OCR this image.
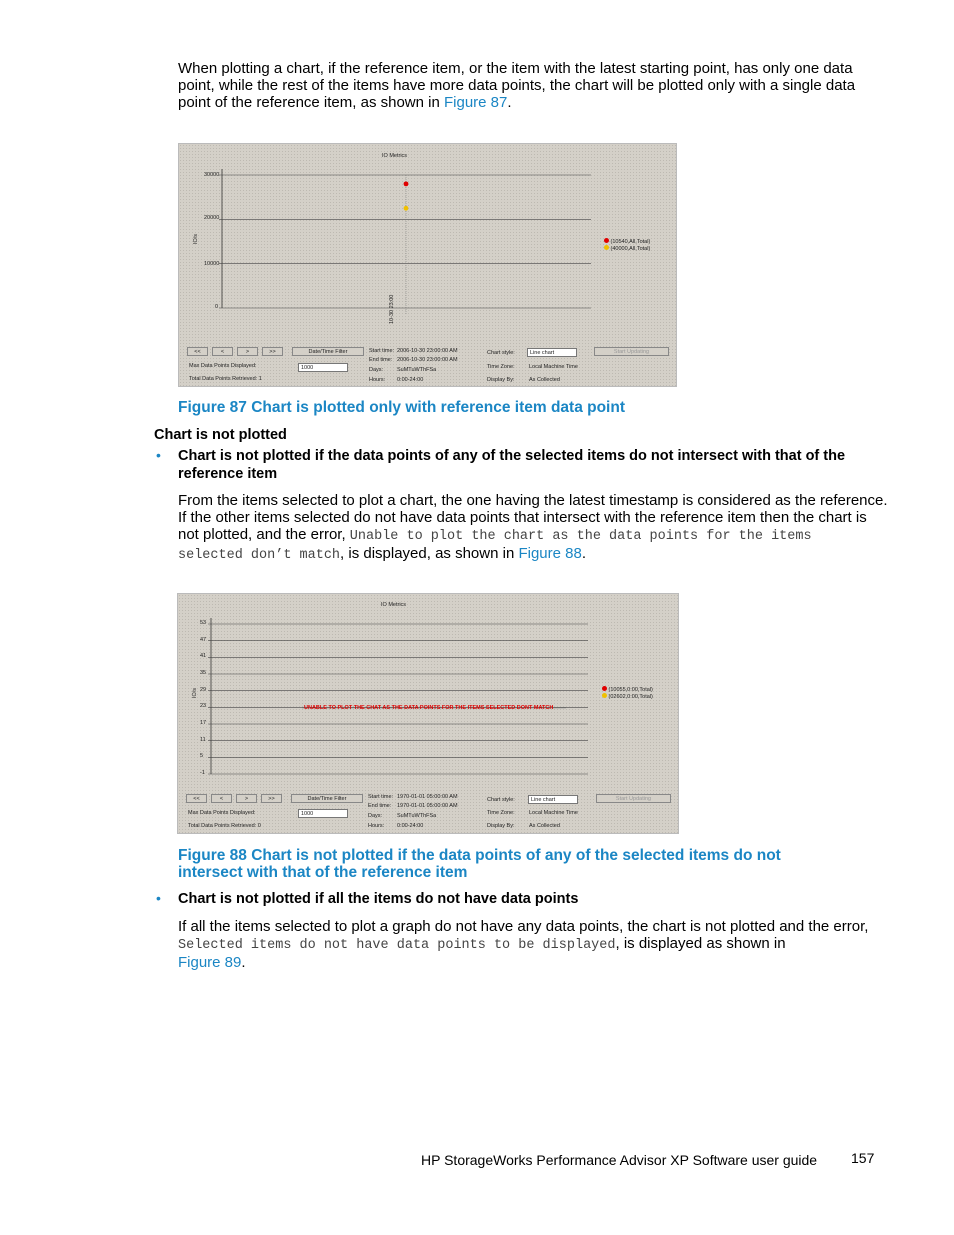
When plotting a chart, if the reference item, or the item with the latest starting point, has only one data
point, while the rest of the items have more data points, the chart will be plotted only with a single data
point of the reference item, as shown in Figure 87.
IO Metrics
IO/s
30000
20000
10000
0	10-30 23:00
(10540,All,Total)
(40000,All,Total)
<<	<	>	>>	Date/Time Filter
Max Data Points Displayed:	1000
Total Data Points Retrieved: 1
Start time: 2006-10-30 23:00:00 AM
End time: 2006-10-30 23:00:00 AM
Days:	SuMTuWThFSa
Hours: 0:00-24:00
Chart style:	Line chart
Time Zone:	Local Machine Time
Display By:	As Collected
Start Updating
Figure 87 Chart is plotted only with reference item data point
Chart is not plotted
• Chart is not plotted if the data points of any of the selected items do not intersect with that of the
reference item
From the items selected to plot a chart, the one having the latest timestamp is considered as the reference.
If the other items selected do not have data points that intersect with the reference item then the chart is
not plotted, and the error, Unable to plot the chart as the data points for the items
selected don’t match, is displayed, as shown in Figure 88.
IO Metrics
IO/s
-1
5
11
17
23
29
35
41
47
53
UNABLE TO PLOT THE CHAT AS THE DATA POINTS FOR THE ITEMS SELECTED DONT MATCH
(10055,0:00,Total)
(02602,0:00,Total)
<<	<	>	>>	Date/Time Filter
Max Data Points Displayed:	1000
Total Data Points Retrieved: 0
Start time: 1970-01-01 05:00:00 AM
End time: 1970-01-01 05:00:00 AM
Days:	SuMTuWThFSa
Hours: 0:00-24:00
Chart style:	Line chart
Time Zone:	Local Machine Time
Display By:	As Collected
Start Updating
Figure 88 Chart is not plotted if the data points of any of the selected items do not
intersect with that of the reference item
• Chart is not plotted if all the items do not have data points
If all the items selected to plot a graph do not have any data points, the chart is not plotted and the error,
Selected items do not have data points to be displayed, is displayed as shown in
Figure 89.
HP StorageWorks Performance Advisor XP Software user guide 157
